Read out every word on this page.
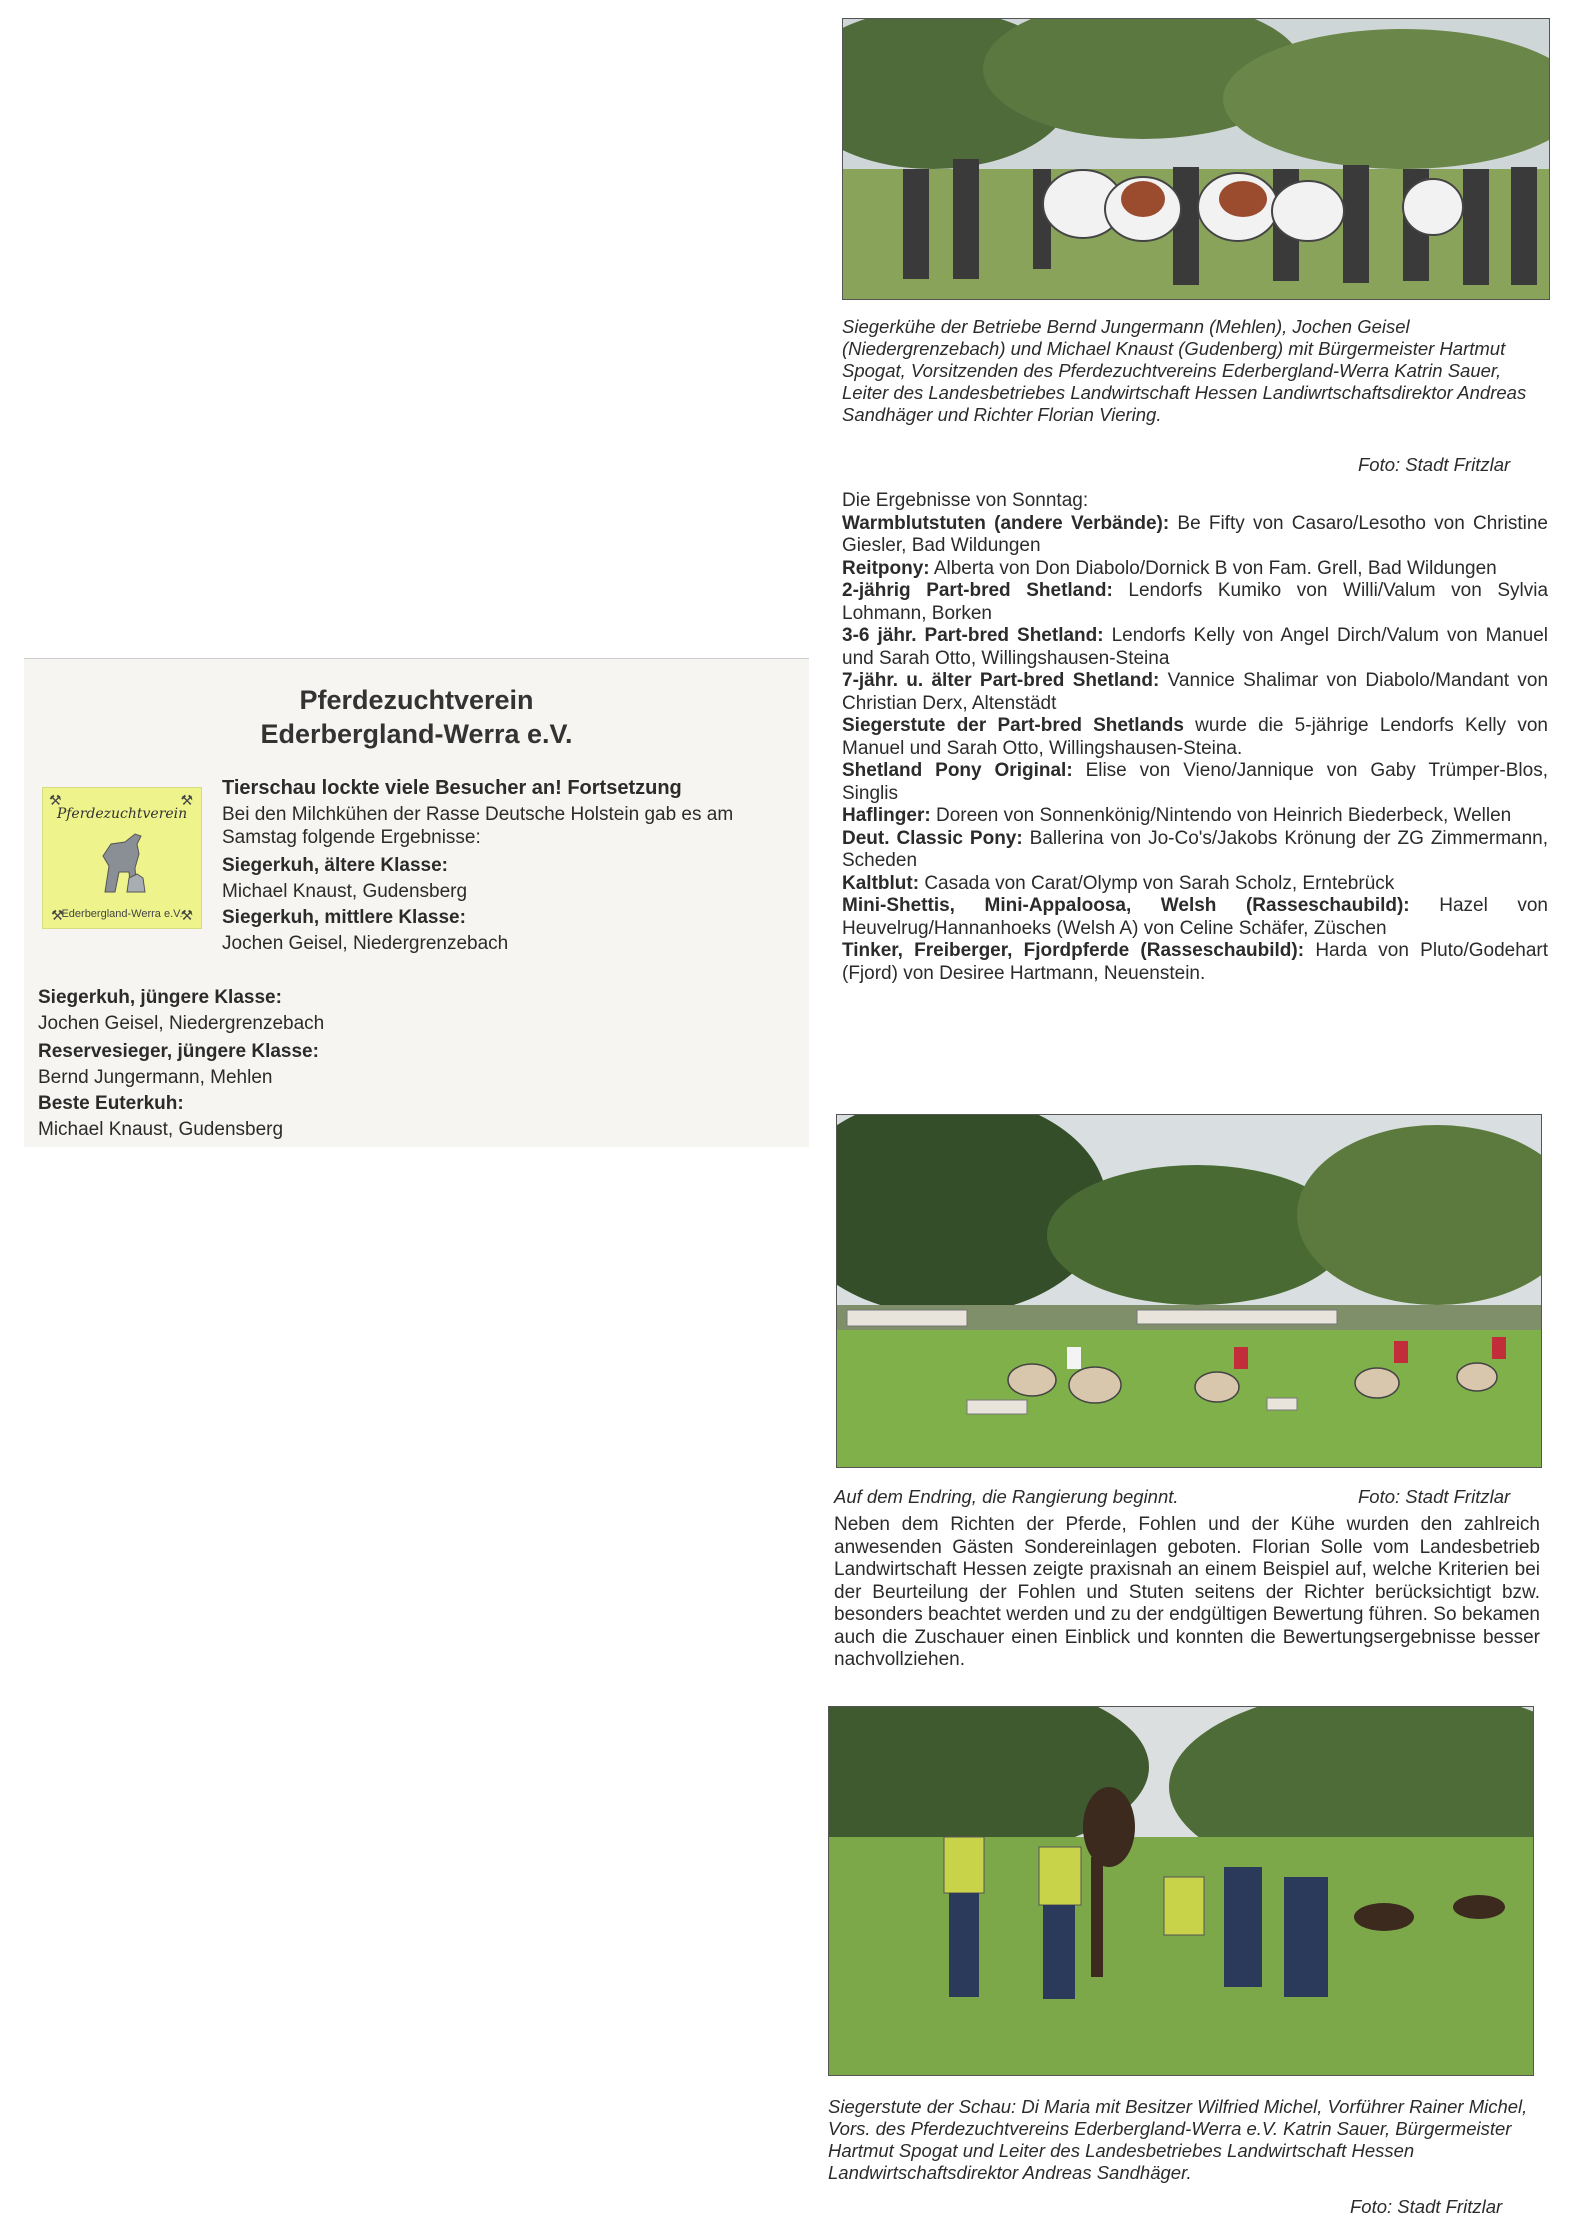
Pferdezuchtverein
Ederbergland-Werra e.V.
⚒	⚒
⚒	⚒
Pferdezuchtverein
Ederbergland-Werra e.V.
Tierschau lockte viele Besucher an! Fortsetzung
Bei den Milchkühen der Rasse Deutsche Holstein gab es am Samstag folgende Ergebnisse:
Siegerkuh, ältere Klasse:
Michael Knaust, Gudensberg
Siegerkuh, mittlere Klasse:
Jochen Geisel, Niedergrenzebach
Siegerkuh, jüngere Klasse:
Jochen Geisel, Niedergrenzebach
Reservesieger, jüngere Klasse:
Bernd Jungermann, Mehlen
Beste Euterkuh:
Michael Knaust, Gudensberg
Siegerkühe der Betriebe Bernd Jungermann (Mehlen), Jochen Geisel (Niedergrenzebach) und Michael Knaust (Gudenberg) mit Bürgermeister Hartmut Spogat, Vorsitzenden des Pferdezuchtvereins Ederbergland-Werra Katrin Sauer, Leiter des Landesbetriebes Landwirtschaft Hessen Landiwrtschaftsdirektor Andreas Sandhäger und Richter Florian Viering.
Foto: Stadt Fritzlar

Die Ergebnisse von Sonntag:

Warmblutstuten (andere Verbände): Be Fifty von Casaro/Lesotho von Christine Giesler, Bad Wildungen

Reitpony: Alberta von Don Diabolo/Dornick B von Fam. Grell, Bad Wildungen

2-jährig Part-bred Shetland: Lendorfs Kumiko von Willi/Valum von Sylvia Lohmann, Borken

3-6 jähr. Part-bred Shetland: Lendorfs Kelly von Angel Dirch/Valum von Manuel und Sarah Otto, Willingshausen-Steina

7-jähr. u. älter Part-bred Shetland: Vannice Shalimar von Diabolo/Mandant von Christian Derx, Altenstädt

Siegerstute der Part-bred Shetlands wurde die 5-jährige Lendorfs Kelly von Manuel und Sarah Otto, Willingshausen-Steina.

Shetland Pony Original: Elise von Vieno/Jannique von Gaby Trümper-Blos, Singlis

Haflinger: Doreen von Sonnenkönig/Nintendo von Heinrich Biederbeck, Wellen

Deut. Classic Pony: Ballerina von Jo-Co's/Jakobs Krönung der ZG Zimmermann, Scheden

Kaltblut: Casada von Carat/Olymp von Sarah Scholz, Erntebrück

Mini-Shettis, Mini-Appaloosa, Welsh (Rasseschaubild): Hazel von Heuvelrug/Hannanhoeks (Welsh A) von Celine Schäfer, Züschen

Tinker, Freiberger, Fjordpferde (Rasseschaubild): Harda von Pluto/Godehart (Fjord) von Desiree Hartmann, Neuenstein.

Auf dem Endring, die Rangierung beginnt.	Foto: Stadt Fritzlar
Neben dem Richten der Pferde, Fohlen und der Kühe wurden den zahlreich anwesenden Gästen Sondereinlagen geboten. Florian Solle vom Landesbetrieb Landwirtschaft Hessen zeigte praxisnah an einem Beispiel auf, welche Kriterien bei der Beurteilung der Fohlen und Stuten seitens der Richter berücksichtigt bzw. besonders beachtet werden und zu der endgültigen Bewertung führen. So bekamen auch die Zuschauer einen Einblick und konnten die Bewertungsergebnisse besser nachvollziehen.
Siegerstute der Schau: Di Maria mit Besitzer Wilfried Michel, Vorführer Rainer Michel, Vors. des Pferdezuchtvereins Ederbergland-Werra e.V. Katrin Sauer, Bürgermeister Hartmut Spogat und Leiter des Landesbetriebes Landwirtschaft Hessen Landwirtschaftsdirektor Andreas Sandhäger.
Foto: Stadt Fritzlar
